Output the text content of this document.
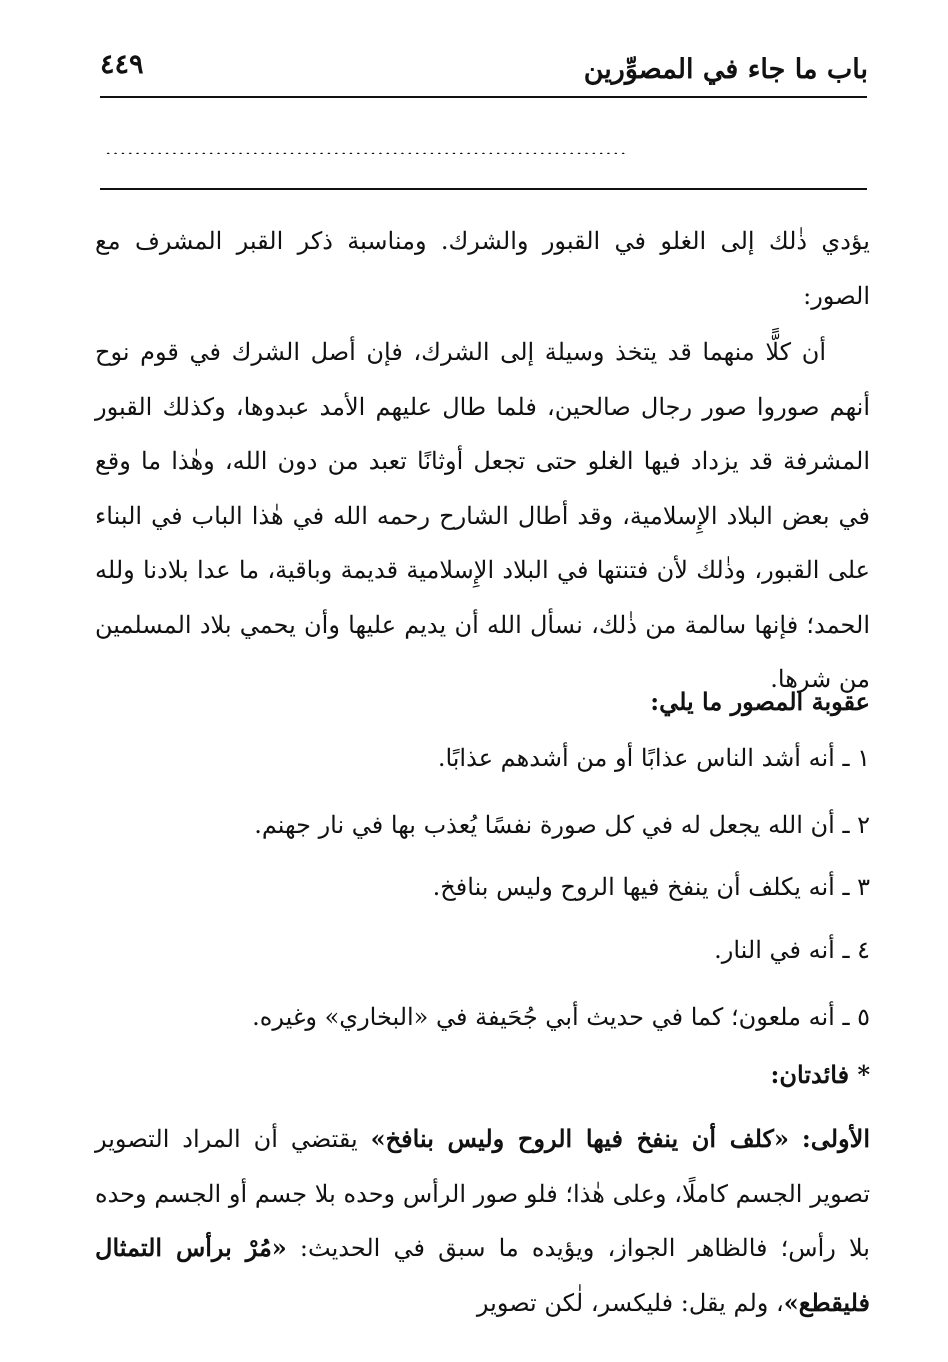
باب ما جاء في المصوِّرين
٤٤٩
.......................................................................
يؤدي ذٰلك إلى الغلو في القبور والشرك. ومناسبة ذكر القبر المشرف مع الصور:
أن كلًّا منهما قد يتخذ وسيلة إلى الشرك، فإن أصل الشرك في قوم نوح أنهم صوروا صور رجال صالحين، فلما طال عليهم الأمد عبدوها، وكذلك القبور المشرفة قد يزداد فيها الغلو حتى تجعل أوثانًا تعبد من دون الله، وهٰذا ما وقع في بعض البلاد الإِسلامية، وقد أطال الشارح رحمه الله في هٰذا الباب في البناء على القبور، وذٰلك لأن فتنتها في البلاد الإِسلامية قديمة وباقية، ما عدا بلادنا ولله الحمد؛ فإنها سالمة من ذٰلك، نسأل الله أن يديم عليها وأن يحمي بلاد المسلمين من شرها.
عقوبة المصور ما يلي:
١ ـ أنه أشد الناس عذابًا أو من أشدهم عذابًا.
٢ ـ أن الله يجعل له في كل صورة نفسًا يُعذب بها في نار جهنم.
٣ ـ أنه يكلف أن ينفخ فيها الروح وليس بنافخ.
٤ ـ أنه في النار.
٥ ـ أنه ملعون؛ كما في حديث أبي جُحَيفة في «البخاري» وغيره.
* فائدتان:
الأولى: «كلف أن ينفخ فيها الروح وليس بنافخ» يقتضي أن المراد التصوير تصوير الجسم كاملًا، وعلى هٰذا؛ فلو صور الرأس وحده بلا جسم أو الجسم وحده بلا رأس؛ فالظاهر الجواز، ويؤيده ما سبق في الحديث: «مُرْ برأس التمثال فليقطع»، ولم يقل: فليكسر، لٰكن تصوير
